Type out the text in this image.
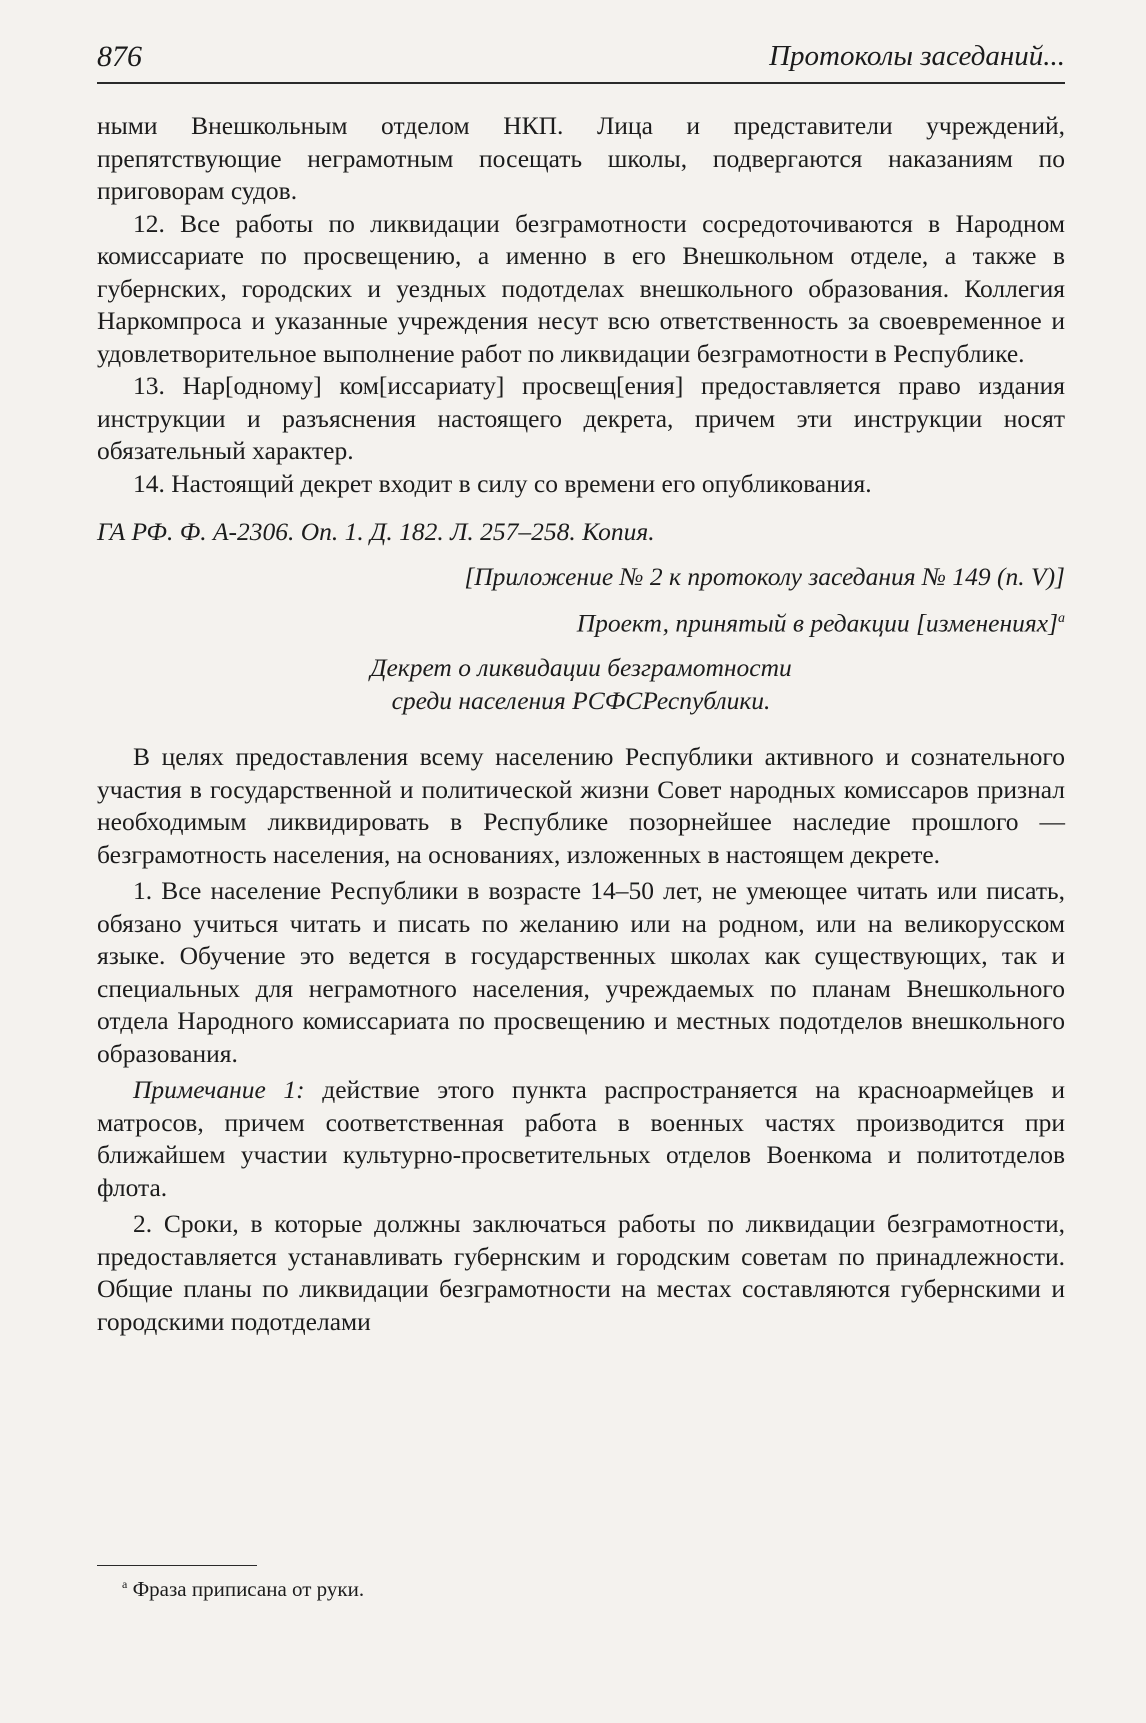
876	Протоколы заседаний...

ными Внешкольным отделом НКП. Лица и представители учреждений, препятствующие неграмотным посещать школы, подвергаются наказаниям по приговорам судов.

12. Все работы по ликвидации безграмотности сосредоточиваются в Народном комиссариате по просвещению, а именно в его Внешкольном отделе, а также в губернских, городских и уездных подотделах внешкольного образования. Коллегия Наркомпроса и указанные учреждения несут всю ответственность за своевременное и удовлетворительное выполнение работ по ликвидации безграмотности в Республике.

13. Нар[одному] ком[иссариату] просвещ[ения] предоставляется право издания инструкции и разъяснения настоящего декрета, причем эти инструкции носят обязательный характер.

14. Настоящий декрет входит в силу со времени его опубликования.

ГА РФ. Ф. А-2306. Оп. 1. Д. 182. Л. 257–258. Копия.

[Приложение № 2 к протоколу заседания № 149 (п. V)]

Проект, принятый в редакции [изменениях]$^а$

Декрет о ликвидации безграмотности
среди населения РСФСРеспублики.

В целях предоставления всему населению Республики активного и сознательного участия в государственной и политической жизни Совет народных комиссаров признал необходимым ликвидировать в Республике позорнейшее наследие прошлого — безграмотность населения, на основаниях, изложенных в настоящем декрете.

1. Все население Республики в возрасте 14–50 лет, не умеющее читать или писать, обязано учиться читать и писать по желанию или на родном, или на великорусском языке. Обучение это ведется в государственных школах как существующих, так и специальных для неграмотного населения, учреждаемых по планам Внешкольного отдела Народного комиссариата по просвещению и местных подотделов внешкольного образования.

Примечание 1: действие этого пункта распространяется на красноармейцев и матросов, причем соответственная работа в военных частях производится при ближайшем участии культурно-просветительных отделов Военкома и политотделов флота.

2. Сроки, в которые должны заключаться работы по ликвидации безграмотности, предоставляется устанавливать губернским и городским советам по принадлежности. Общие планы по ликвидации безграмотности на местах составляются губернскими и городскими подотделами

$^а$ Фраза приписана от руки.
